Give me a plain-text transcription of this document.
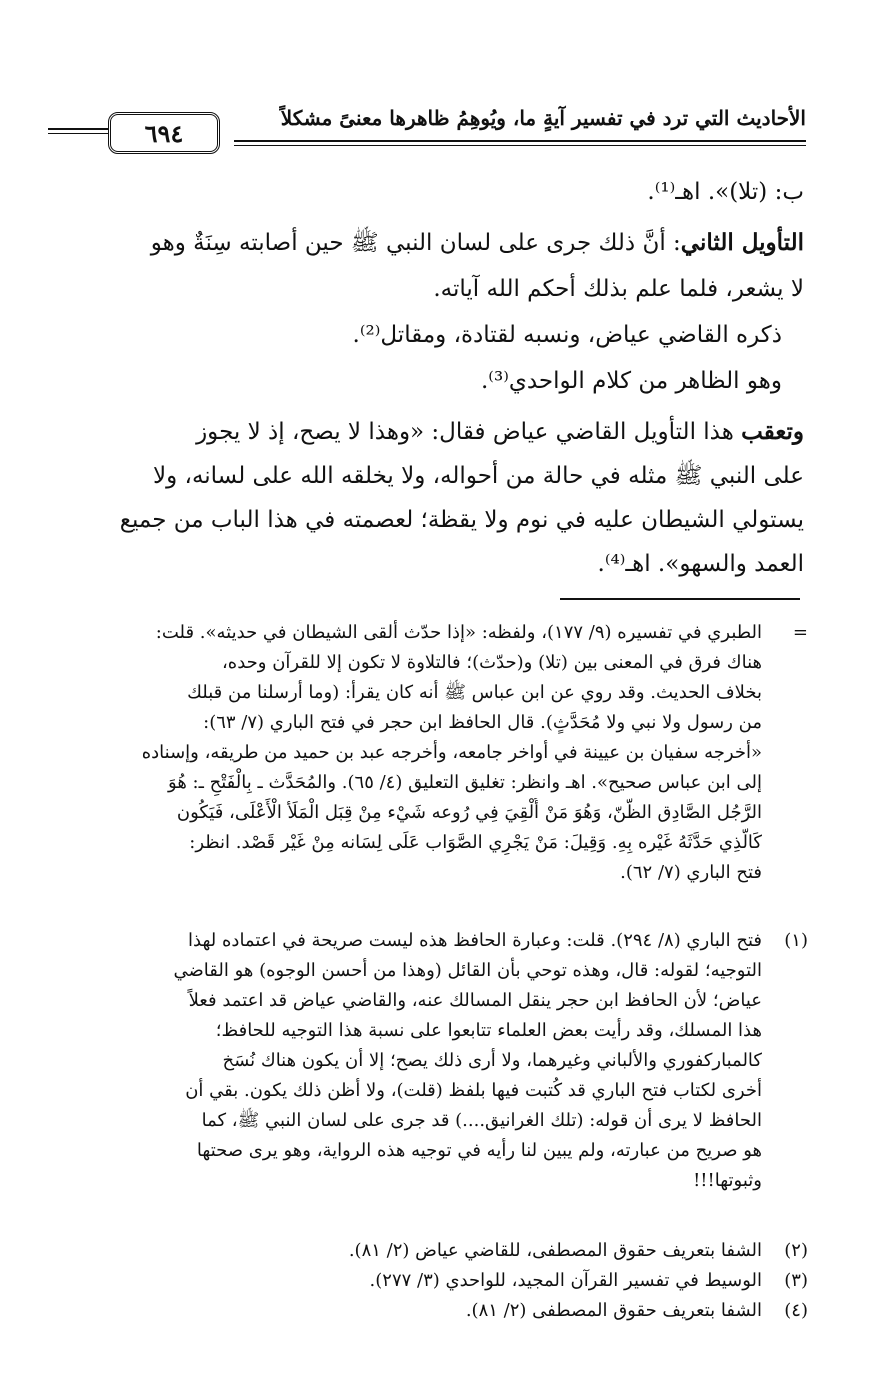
٦٩٤
الأحاديث التي ترد في تفسير آيةٍ ما، ويُوهِمُ ظاهرها معنىً مشكلاً
ب: (تلا)». اهـ⁽¹⁾.
التأويل الثاني: أنَّ ذلك جرى على لسان النبي ﷺ حين أصابته سِنَةٌ وهو
لا يشعر، فلما علم بذلك أحكم الله آياته.
ذكره القاضي عياض، ونسبه لقتادة، ومقاتل⁽²⁾.
وهو الظاهر من كلام الواحدي⁽³⁾.
وتعقب هذا التأويل القاضي عياض فقال: «وهذا لا يصح، إذ لا يجوز
على النبي ﷺ مثله في حالة من أحواله، ولا يخلقه الله على لسانه، ولا
يستولي الشيطان عليه في نوم ولا يقظة؛ لعصمته في هذا الباب من جميع
العمد والسهو». اهـ⁽⁴⁾.
=
الطبري في تفسيره (٩/ ١٧٧)، ولفظه: «إذا حدّث ألقى الشيطان في حديثه». قلت:
هناك فرق في المعنى بين (تلا) و(حدّث)؛ فالتلاوة لا تكون إلا للقرآن وحده،
بخلاف الحديث. وقد روي عن ابن عباس ﷺ أنه كان يقرأ: (وما أرسلنا من قبلك
من رسول ولا نبي ولا مُحَدَّثٍ). قال الحافظ ابن حجر في فتح الباري (٧/ ٦٣):
«أخرجه سفيان بن عيينة في أواخر جامعه، وأخرجه عبد بن حميد من طريقه، وإسناده
إلى ابن عباس صحيح». اهـ وانظر: تغليق التعليق (٤/ ٦٥). والمُحَدَّث ـ بِالْفَتْحِ ـ: هُوَ
الرَّجُل الصَّادِق الظَّنّ، وَهُوَ مَنْ أُلْقِيَ فِي رُوعه شَيْء مِنْ قِبَل الْمَلَأ الْأَعْلَى، فَيَكُون
كَالَّذِي حَدَّثَهُ غَيْره بِهِ. وَقِيلَ: مَنْ يَجْرِي الصَّوَاب عَلَى لِسَانه مِنْ غَيْر قَصْد. انظر:
فتح الباري (٧/ ٦٢).
(١)
فتح الباري (٨/ ٢٩٤). قلت: وعبارة الحافظ هذه ليست صريحة في اعتماده لهذا
التوجيه؛ لقوله: قال، وهذه توحي بأن القائل (وهذا من أحسن الوجوه) هو القاضي
عياض؛ لأن الحافظ ابن حجر ينقل المسالك عنه، والقاضي عياض قد اعتمد فعلاً
هذا المسلك، وقد رأيت بعض العلماء تتابعوا على نسبة هذا التوجيه للحافظ؛
كالمباركفوري والألباني وغيرهما، ولا أرى ذلك يصح؛ إلا أن يكون هناك نُسَخ
أخرى لكتاب فتح الباري قد كُتبت فيها بلفظ (قلت)، ولا أظن ذلك يكون. بقي أن
الحافظ لا يرى أن قوله: (تلك الغرانيق....) قد جرى على لسان النبي ﷺ، كما
هو صريح من عبارته، ولم يبين لنا رأيه في توجيه هذه الرواية، وهو يرى صحتها
وثبوتها!!!
(٢)
الشفا بتعريف حقوق المصطفى، للقاضي عياض (٢/ ٨١).
(٣)
الوسيط في تفسير القرآن المجيد، للواحدي (٣/ ٢٧٧).
(٤)
الشفا بتعريف حقوق المصطفى (٢/ ٨١).
